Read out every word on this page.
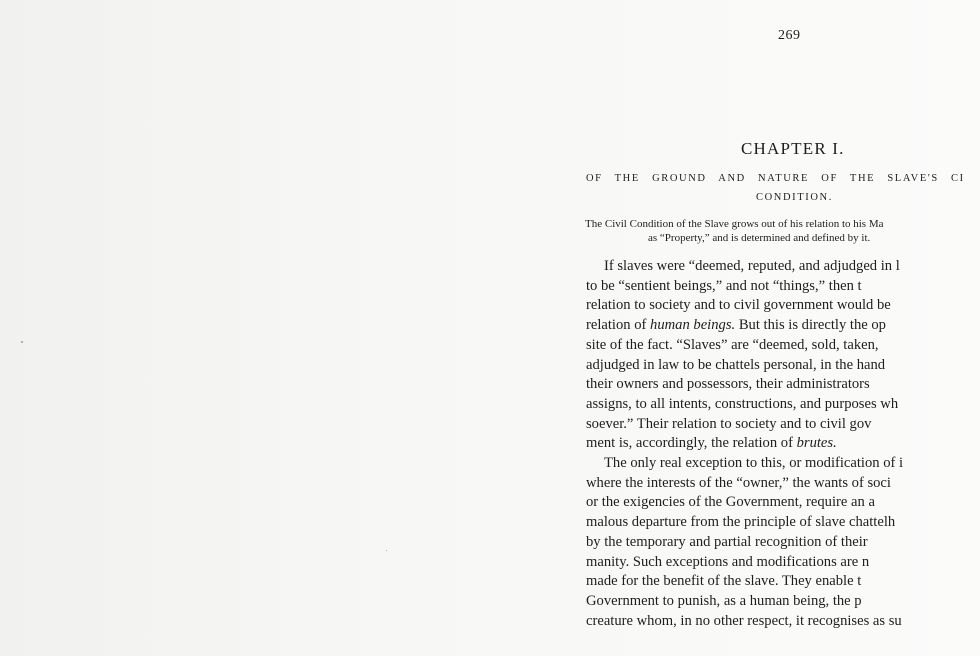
269
CHAPTER I.
OF THE GROUND AND NATURE OF THE SLAVE'S CI
CONDITION.
The Civil Condition of the Slave grows out of his relation to his Ma
as “Property,” and is determined and defined by it.
If slaves were “deemed, reputed, and adjudged in l
to be “sentient beings,” and not “things,” then t
relation to society and to civil government would be
relation of human beings. But this is directly the op
site of the fact. “Slaves” are “deemed, sold, taken,
adjudged in law to be chattels personal, in the hand
their owners and possessors, their administrators
assigns, to all intents, constructions, and purposes wh
soever.” Their relation to society and to civil gov
ment is, accordingly, the relation of brutes.
The only real exception to this, or modification of i
where the interests of the “owner,” the wants of soci
or the exigencies of the Government, require an a
malous departure from the principle of slave chattelh
by the temporary and partial recognition of their
manity. Such exceptions and modifications are n
made for the benefit of the slave. They enable t
Government to punish, as a human being, the p
creature whom, in no other respect, it recognises as su
